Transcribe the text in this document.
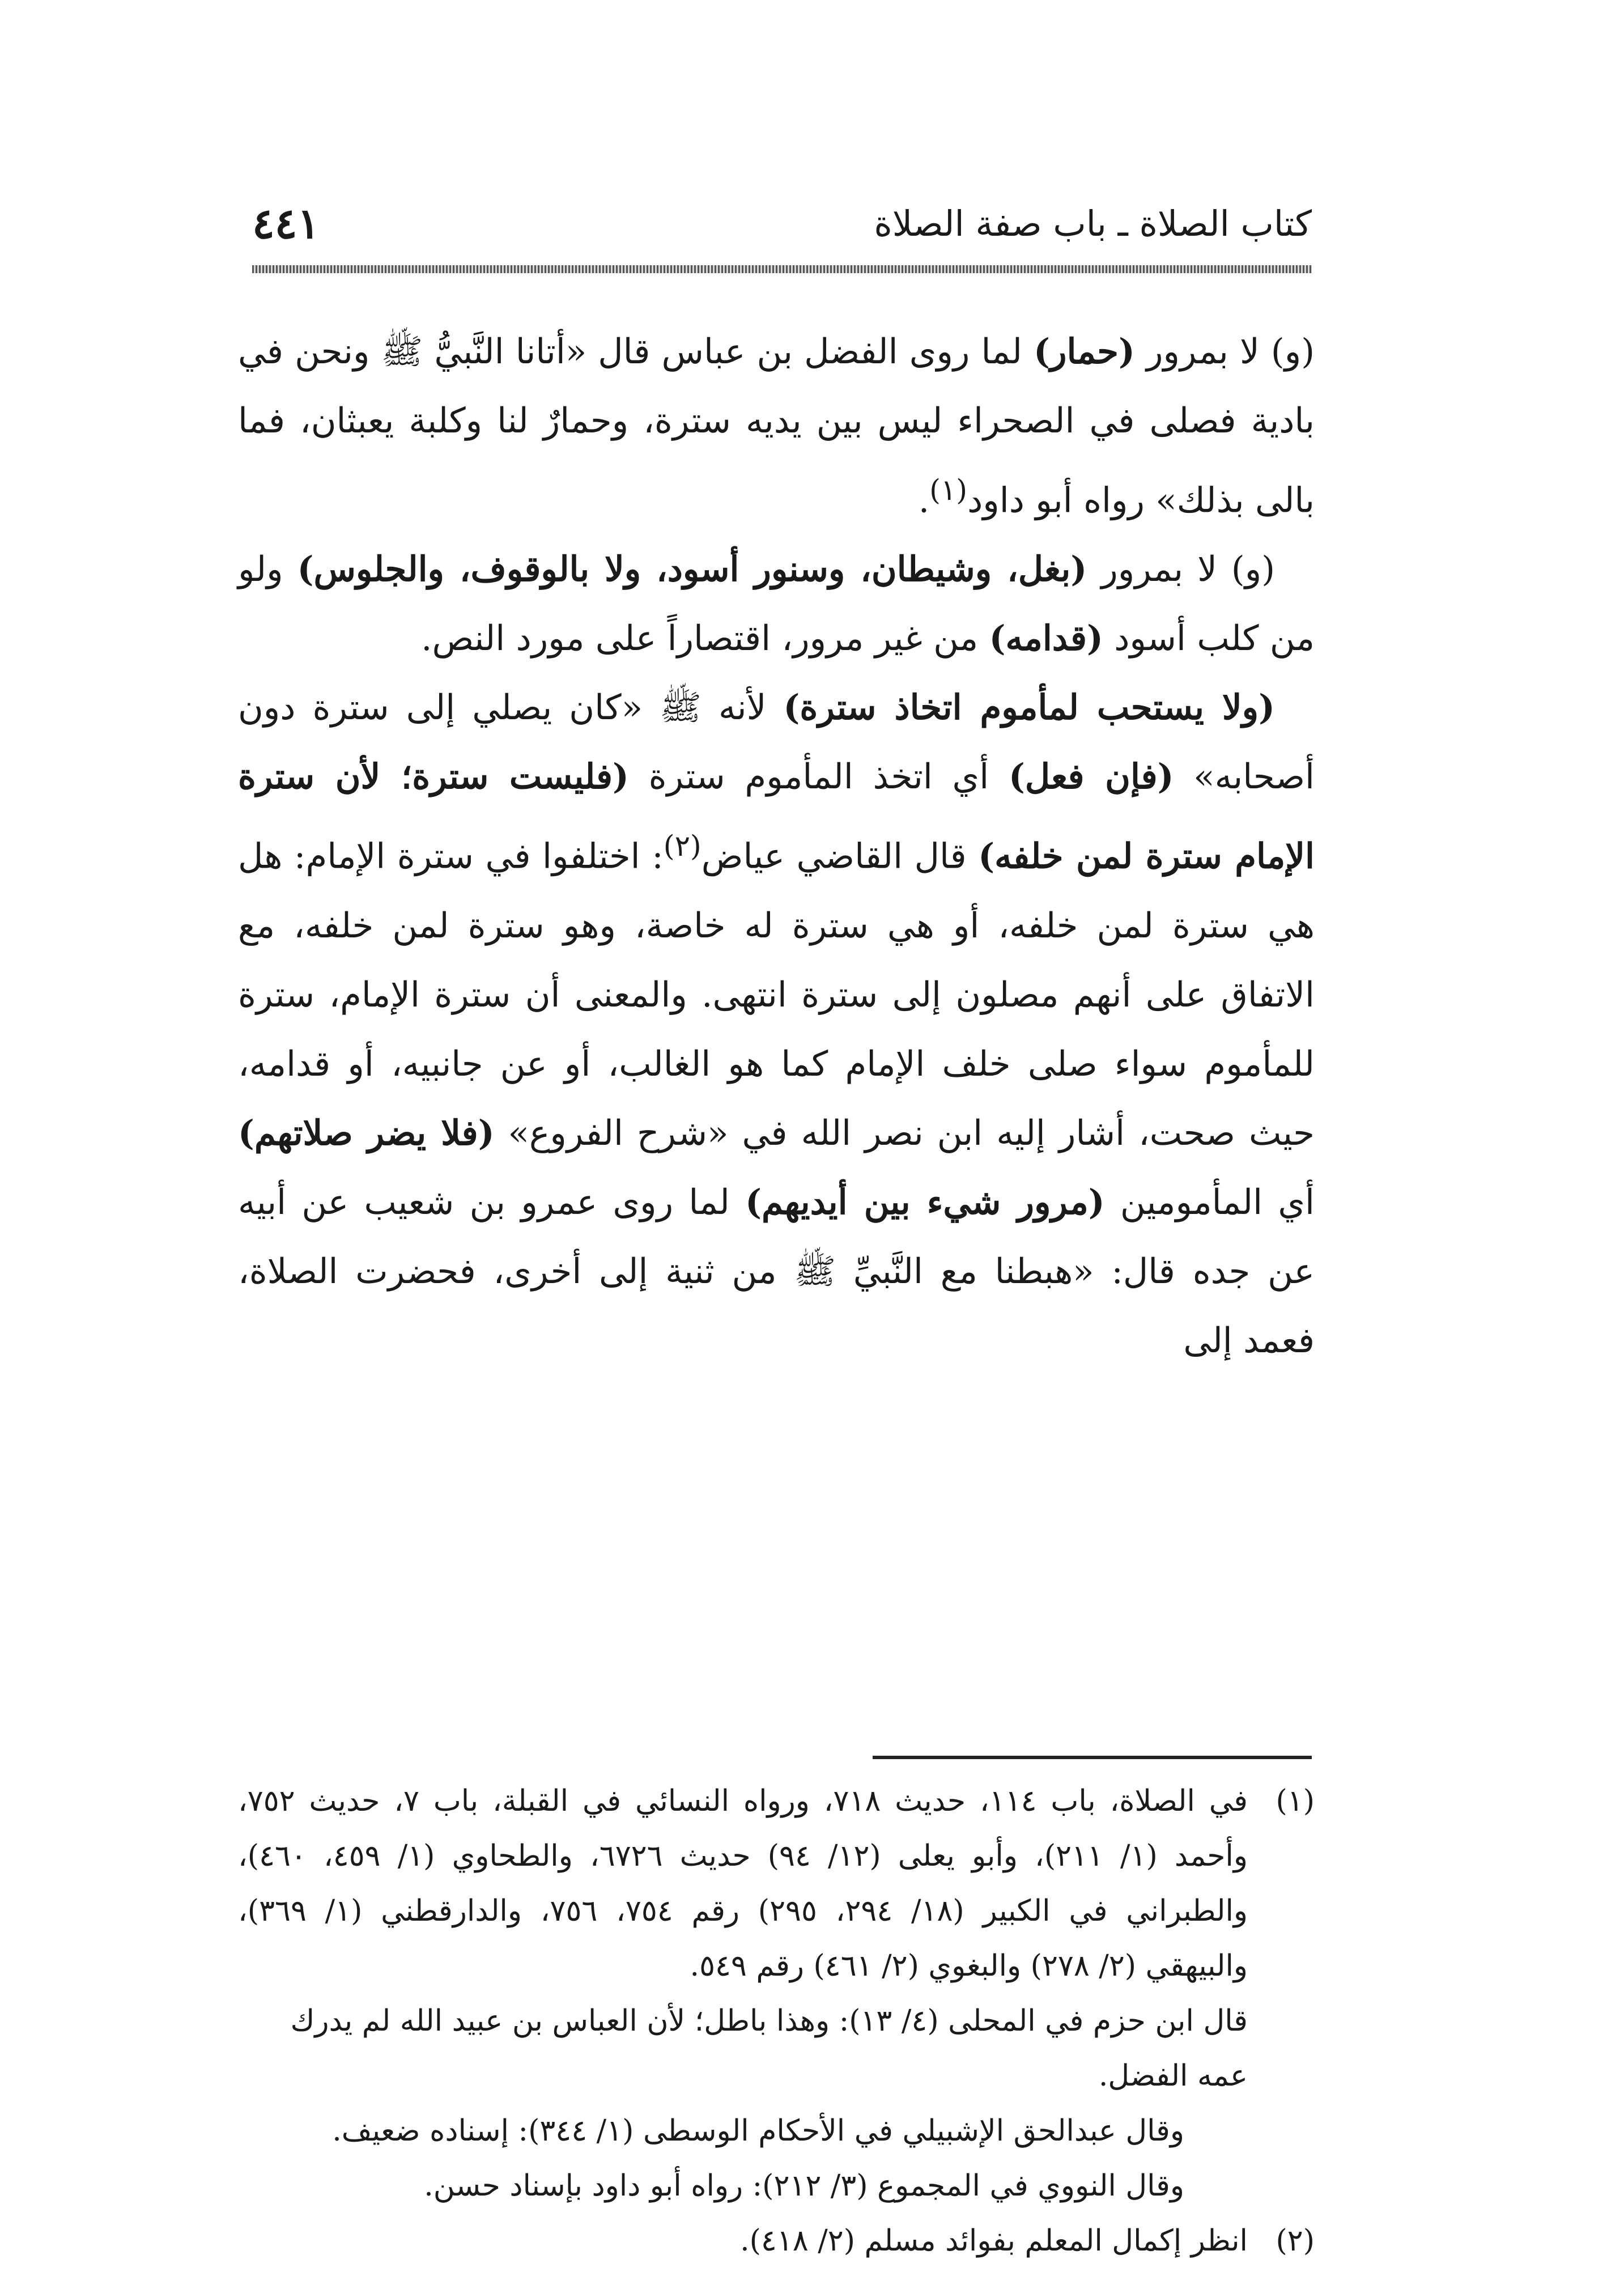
كتاب الصلاة ـ باب صفة الصلاة
٤٤١

(و) لا بمرور (حمار) لما روى الفضل بن عباس قال «أتانا النَّبيُّ ﷺ ونحن في بادية فصلى في الصحراء ليس بين يديه سترة، وحمارٌ لنا وكلبة يعبثان، فما بالى بذلك» رواه أبو داود$^{(١)}$.

(و) لا بمرور (بغل، وشيطان، وسنور أسود، ولا بالوقوف، والجلوس) ولو من كلب أسود (قدامه) من غير مرور، اقتصاراً على مورد النص.

(ولا يستحب لمأموم اتخاذ سترة) لأنه ﷺ «كان يصلي إلى سترة دون أصحابه» (فإن فعل) أي اتخذ المأموم سترة (فليست سترة؛ لأن سترة الإمام سترة لمن خلفه) قال القاضي عياض$^{(٢)}$: اختلفوا في سترة الإمام: هل هي سترة لمن خلفه، أو هي سترة له خاصة، وهو سترة لمن خلفه، مع الاتفاق على أنهم مصلون إلى سترة انتهى. والمعنى أن سترة الإمام، سترة للمأموم سواء صلى خلف الإمام كما هو الغالب، أو عن جانبيه، أو قدامه، حيث صحت، أشار إليه ابن نصر الله في «شرح الفروع» (فلا يضر صلاتهم) أي المأمومين (مرور شيء بين أيديهم) لما روى عمرو بن شعيب عن أبيه عن جده قال: «هبطنا مع النَّبيِّ ﷺ من ثنية إلى أخرى، فحضرت الصلاة، فعمد إلى

(١)
في الصلاة، باب ١١٤، حديث ٧١٨، ورواه النسائي في القبلة، باب ٧، حديث ٧٥٢، وأحمد (١/ ٢١١)، وأبو يعلى (١٢/ ٩٤) حديث ٦٧٢٦، والطحاوي (١/ ٤٥٩، ٤٦٠)، والطبراني في الكبير (١٨/ ٢٩٤، ٢٩٥) رقم ٧٥٤، ٧٥٦، والدارقطني (١/ ٣٦٩)، والبيهقي (٢/ ٢٧٨) والبغوي (٢/ ٤٦١) رقم ٥٤٩.
قال ابن حزم في المحلى (٤/ ١٣): وهذا باطل؛ لأن العباس بن عبيد الله لم يدرك عمه الفضل.
وقال عبدالحق الإشبيلي في الأحكام الوسطى (١/ ٣٤٤): إسناده ضعيف.
وقال النووي في المجموع (٣/ ٢١٢): رواه أبو داود بإسناد حسن.
(٢)
انظر إكمال المعلم بفوائد مسلم (٢/ ٤١٨).
